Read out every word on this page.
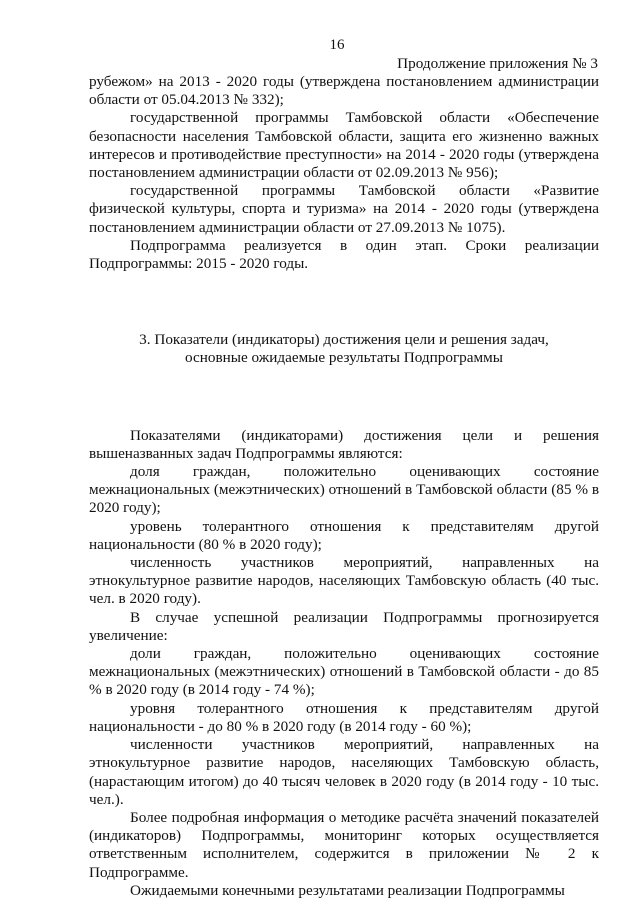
16
Продолжение приложения № 3

рубежом» на 2013 - 2020 годы (утверждена постановлением администрации области от 05.04.2013 № 332);

государственной программы Тамбовской области «Обеспечение безопасности населения Тамбовской области, защита его жизненно важных интересов и противодействие преступности» на 2014 - 2020 годы (утверждена постановлением администрации области от 02.09.2013 № 956);

государственной программы Тамбовской области «Развитие физической культуры, спорта и туризма» на 2014 - 2020 годы (утверждена постановлением администрации области от 27.09.2013 № 1075).

Подпрограмма реализуется в один этап. Сроки реализации Подпрограммы: 2015 - 2020 годы.

3. Показатели (индикаторы) достижения цели и решения задач,

основные ожидаемые результаты Подпрограммы

Показателями (индикаторами) достижения цели и решения вышеназванных задач Подпрограммы являются:

доля граждан, положительно оценивающих состояние межнациональных (межэтнических) отношений в Тамбовской области (85 % в 2020 году);

уровень толерантного отношения к представителям другой национальности (80 % в 2020 году);

численность участников мероприятий, направленных на этнокультурное развитие народов, населяющих Тамбовскую область (40 тыс. чел. в 2020 году).

В случае успешной реализации Подпрограммы прогнозируется увеличение:

доли граждан, положительно оценивающих состояние межнациональных (межэтнических) отношений в Тамбовской области - до 85 % в 2020 году (в 2014 году - 74 %);

уровня толерантного отношения к представителям другой национальности - до 80 % в 2020 году (в 2014 году - 60 %);

численности участников мероприятий, направленных на этнокультурное развитие народов, населяющих Тамбовскую область, (нарастающим итогом) до 40 тысяч человек в 2020 году (в 2014 году - 10 тыс. чел.).

Более подробная информация о методике расчёта значений показателей (индикаторов) Подпрограммы, мониторинг которых осуществляется ответственным исполнителем, содержится в приложении № 2 к Подпрограмме.

Ожидаемыми конечными результатами реализации Подпрограммы
